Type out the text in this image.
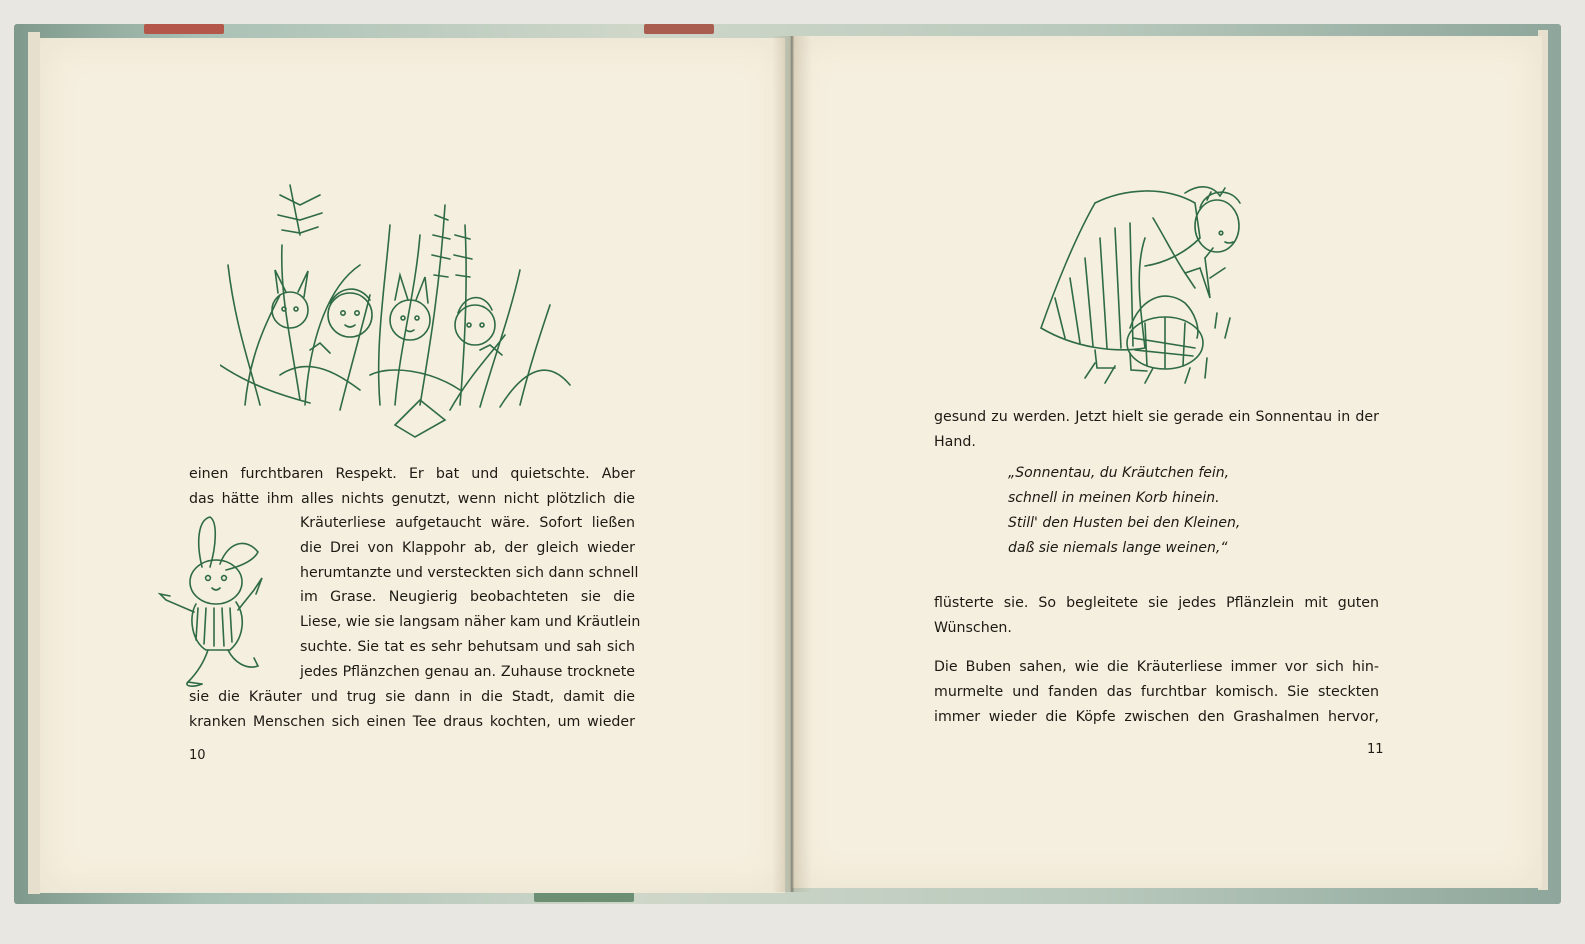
einen furchtbaren Respekt. Er bat und quietschte. Aber
das hätte ihm alles nichts genutzt, wenn nicht plötzlich die
Kräuterliese aufgetaucht wäre. Sofort ließen
die Drei von Klappohr ab, der gleich wieder
herumtanzte und versteckten sich dann schnell
im Grase. Neugierig beobachteten sie die
Liese, wie sie langsam näher kam und Kräutlein
suchte. Sie tat es sehr behutsam und sah sich
jedes Pflänzchen genau an. Zuhause trocknete
sie die Kräuter und trug sie dann in die Stadt, damit die
kranken Menschen sich einen Tee draus kochten, um wieder
10
gesund zu werden. Jetzt hielt sie gerade ein Sonnentau in der
Hand.
„Sonnentau, du Kräutchen fein,
schnell in meinen Korb hinein.
Still' den Husten bei den Kleinen,
daß sie niemals lange weinen,“
flüsterte sie. So begleitete sie jedes Pflänzlein mit guten
Wünschen.
Die Buben sahen, wie die Kräuterliese immer vor sich hin-
murmelte und fanden das furchtbar komisch. Sie steckten
immer wieder die Köpfe zwischen den Grashalmen hervor,
11
